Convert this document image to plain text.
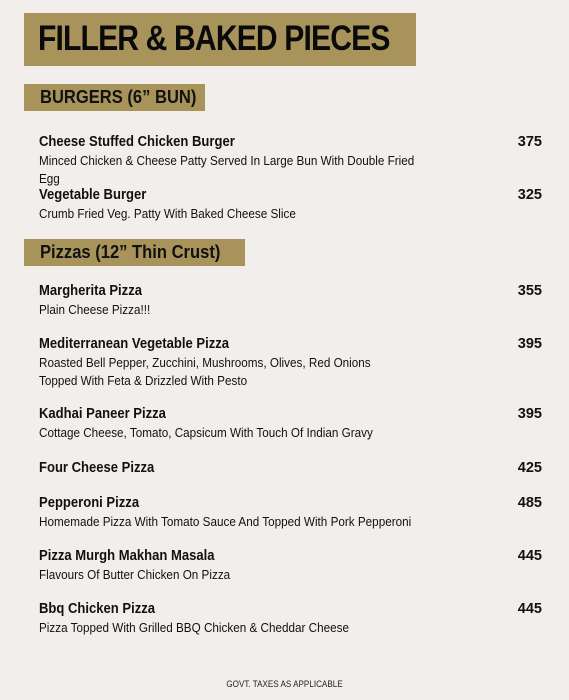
FILLER & BAKED PIECES
BURGERS (6” BUN)
Cheese Stuffed Chicken Burger
Minced Chicken & Cheese Patty Served In Large Bun With Double Fried Egg
375
Vegetable Burger
Crumb Fried Veg. Patty With Baked Cheese Slice
325
Pizzas (12” Thin Crust)
Margherita Pizza
Plain Cheese Pizza!!!
355
Mediterranean Vegetable Pizza
Roasted Bell Pepper, Zucchini, Mushrooms, Olives, Red Onions Topped With Feta & Drizzled With Pesto
395
Kadhai Paneer Pizza
Cottage Cheese, Tomato, Capsicum With Touch Of Indian Gravy
395
Four Cheese Pizza	425
Pepperoni Pizza
Homemade Pizza With Tomato Sauce And Topped With Pork Pepperoni
485
Pizza Murgh Makhan Masala
Flavours Of Butter Chicken On Pizza
445
Bbq Chicken Pizza
Pizza Topped With Grilled BBQ Chicken & Cheddar Cheese
445
GOVT. TAXES AS APPLICABLE
